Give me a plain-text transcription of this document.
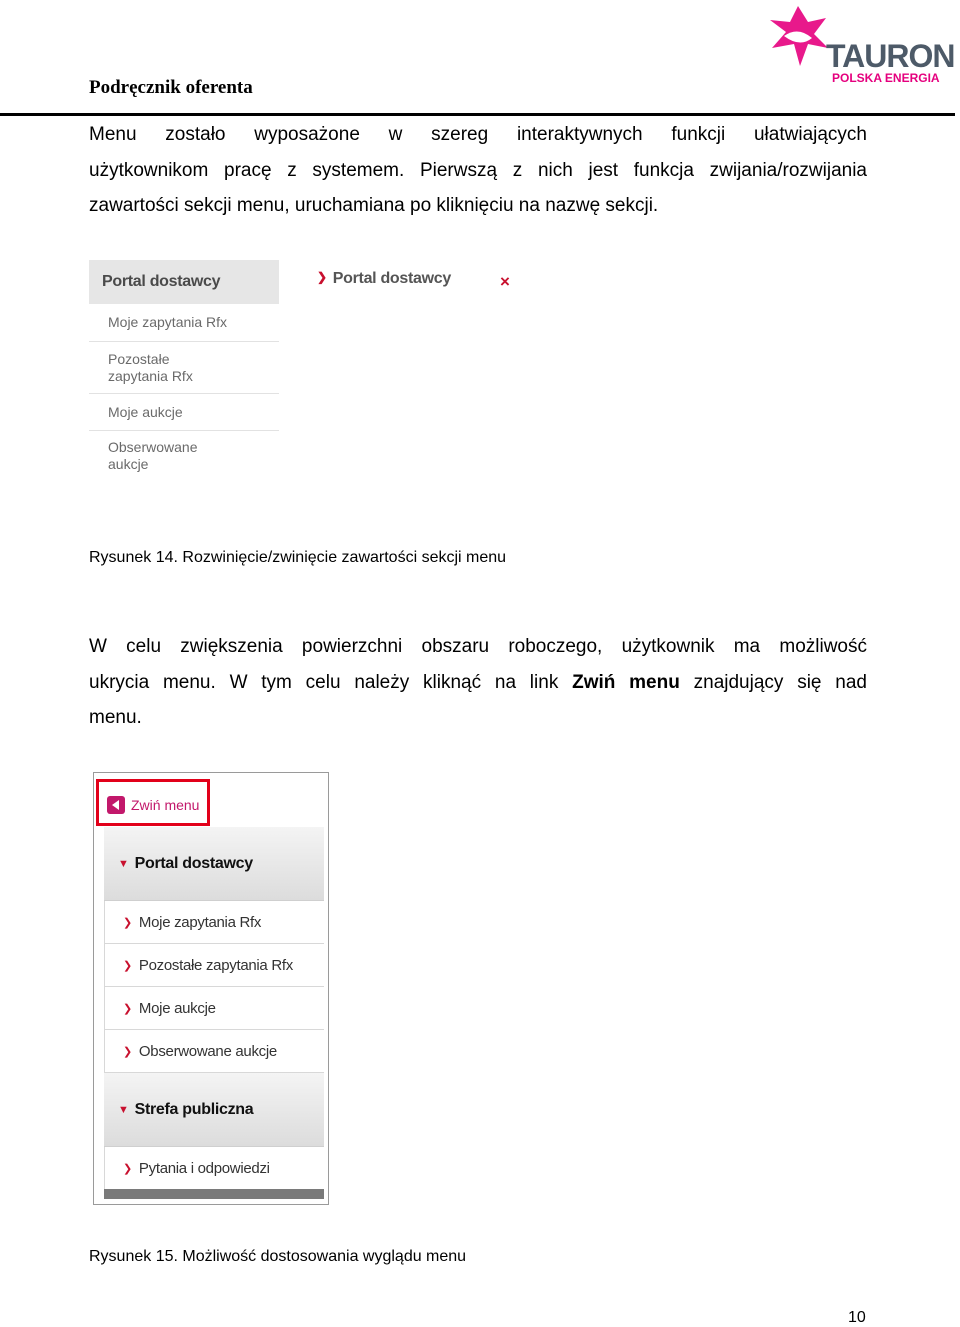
Podręcznik oferenta
TAURON
POLSKA ENERGIA
Menu zostało wyposażone w szereg interaktywnych funkcji ułatwiających
użytkownikom pracę z systemem. Pierwszą z nich jest funkcja zwijania/rozwijania
zawartości sekcji menu, uruchamiana po kliknięciu na nazwę sekcji.
Portal dostawcy
Moje zapytania Rfx
Pozostałe
zapytania Rfx
Moje aukcje
Obserwowane
aukcje
❯ Portal dostawcy	×
Rysunek 14. Rozwinięcie/zwinięcie zawartości sekcji menu
W celu zwiększenia powierzchni obszaru roboczego, użytkownik ma możliwość
ukrycia menu. W tym celu należy kliknąć na link Zwiń menu znajdujący się nad
menu.
Zwiń menu
▼ Portal dostawcy
❯ Moje zapytania Rfx
❯ Pozostałe zapytania Rfx
❯ Moje aukcje
❯ Obserwowane aukcje
▼ Strefa publiczna
❯ Pytania i odpowiedzi
Rysunek 15. Możliwość dostosowania wyglądu menu
10
